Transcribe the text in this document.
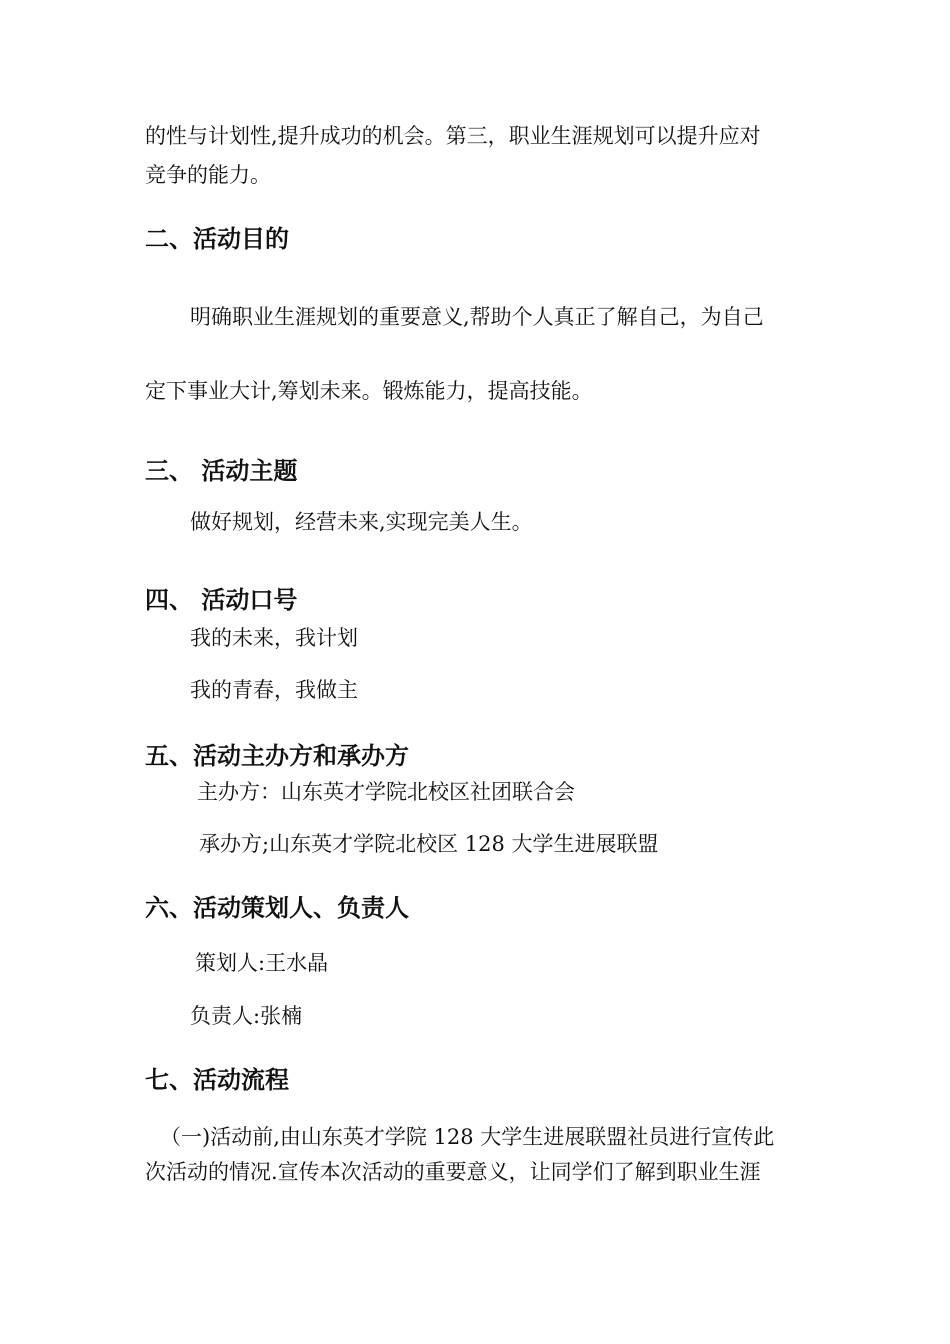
的性与计划性,提升成功的机会。第三，职业生涯规划可以提升应对
竞争的能力。
二、活动目的
明确职业生涯规划的重要意义,帮助个人真正了解自己，为自己
定下事业大计,筹划未来。锻炼能力，提高技能。
三、 活动主题
做好规划，经营未来,实现完美人生。
四、 活动口号
我的未来，我计划
我的青春，我做主
五、活动主办方和承办方
主办方：山东英才学院北校区社团联合会
承办方;山东英才学院北校区 128 大学生进展联盟
六、活动策划人、负责人
策划人:王水晶
负责人:张楠
七、活动流程
（一)活动前,由山东英才学院 128 大学生进展联盟社员进行宣传此
次活动的情况.宣传本次活动的重要意义，让同学们了解到职业生涯
